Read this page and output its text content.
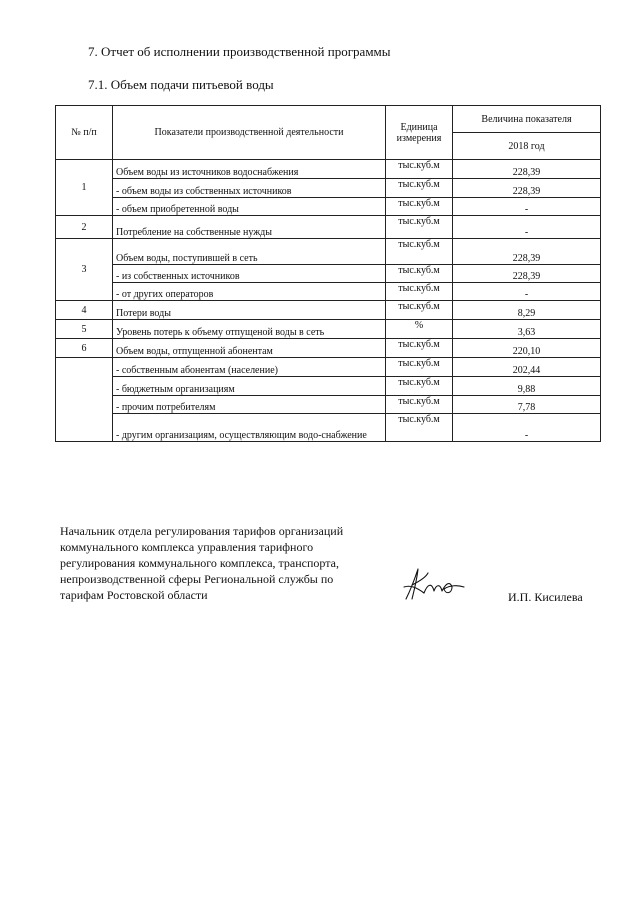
7. Отчет об исполнении производственной программы
7.1. Объем подачи питьевой воды
№ п/п	Показатели производственной деятельности	Единица измерения	Величина показателя
			2018 год
1	Объем воды из источников водоснабжения	тыс.куб.м	228,39
	- объем воды из собственных источников	тыс.куб.м	228,39
	- объем приобретенной воды	тыс.куб.м	-
2	Потребление на собственные нужды	тыс.куб.м	-
3	Объем воды, поступившей в сеть	тыс.куб.м	228,39
	- из собственных источников	тыс.куб.м	228,39
	- от других операторов	тыс.куб.м	-
4	Потери воды	тыс.куб.м	8,29
5	Уровень потерь к объему отпущеной воды в сеть	%	3,63
6	Объем воды, отпущенной абонентам	тыс.куб.м	220,10
	- собственным абонентам (население)	тыс.куб.м	202,44
	- бюджетным организациям	тыс.куб.м	9,88
	- прочим потребителям	тыс.куб.м	7,78
	- другим организациям, осуществляющим водо-снабжение	тыс.куб.м	-
Начальник отдела регулирования тарифов организаций коммунального комплекса управления тарифного регулирования коммунального комплекса, транспорта, непроизводственной сферы Региональной службы по тарифам Ростовской области	И.П. Кисилева
